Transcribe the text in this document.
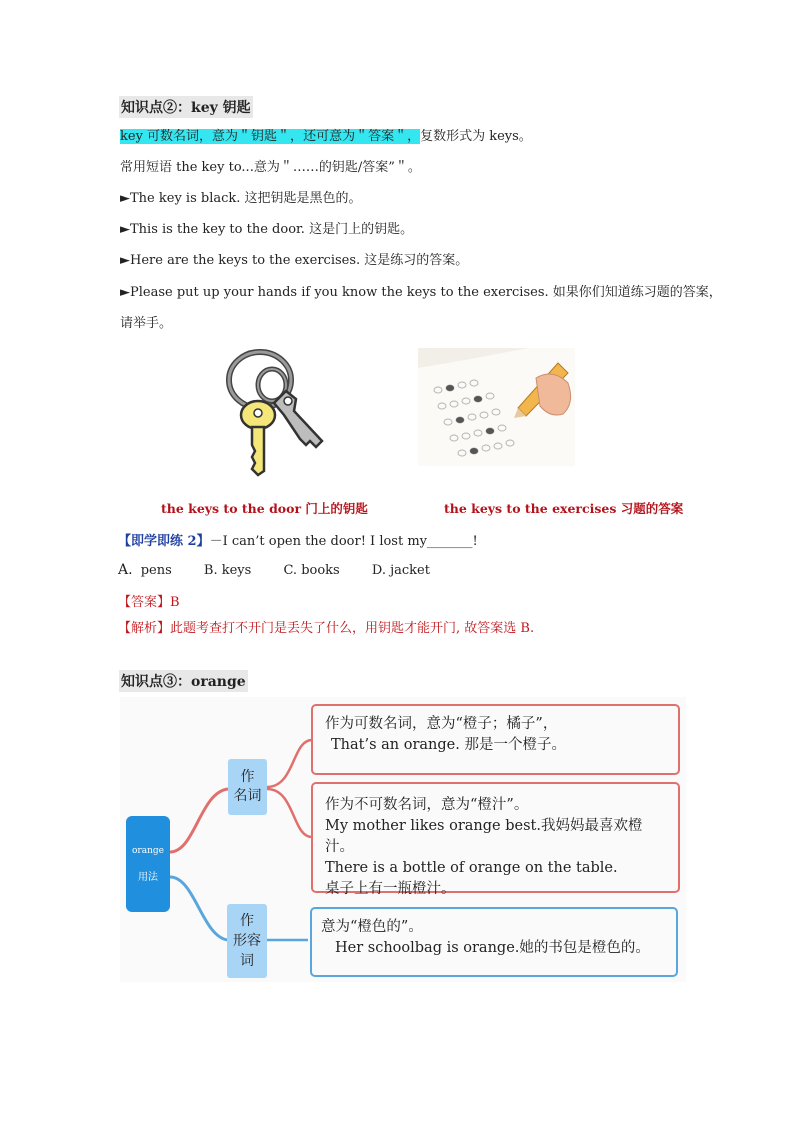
知识点②：key 钥匙
key 可数名词，意为＂钥匙＂，还可意为＂答案＂，复数形式为 keys。
常用短语 the key to...意为＂……的钥匙/答案”＂。
►The key is black. 这把钥匙是黑色的。
►This is the key to the door. 这是门上的钥匙。
►Here are the keys to the exercises. 这是练习的答案。
►Please put up your hands if you know the keys to the exercises. 如果你们知道练习题的答案，
请举手。
the keys to the door 门上的钥匙	the keys to the exercises 习题的答案
【即学即练 2】－I can’t open the door! I lost my_______!
A. pens B. keys C. books D. jacket
【答案】B
【解析】此题考查打不开门是丢失了什么，用钥匙才能开门, 故答案选 B.
知识点③：orange
orange
用法
作
名词
作
形容
词
作为可数名词，意为“橙子；橘子”，
That’s an orange. 那是一个橙子。
作为不可数名词，意为“橙汁”。
My mother likes orange best.我妈妈最喜欢橙汁。
There is a bottle of orange on the table.
桌子上有一瓶橙汁。
意为“橙色的”。
Her schoolbag is orange.她的书包是橙色的。
